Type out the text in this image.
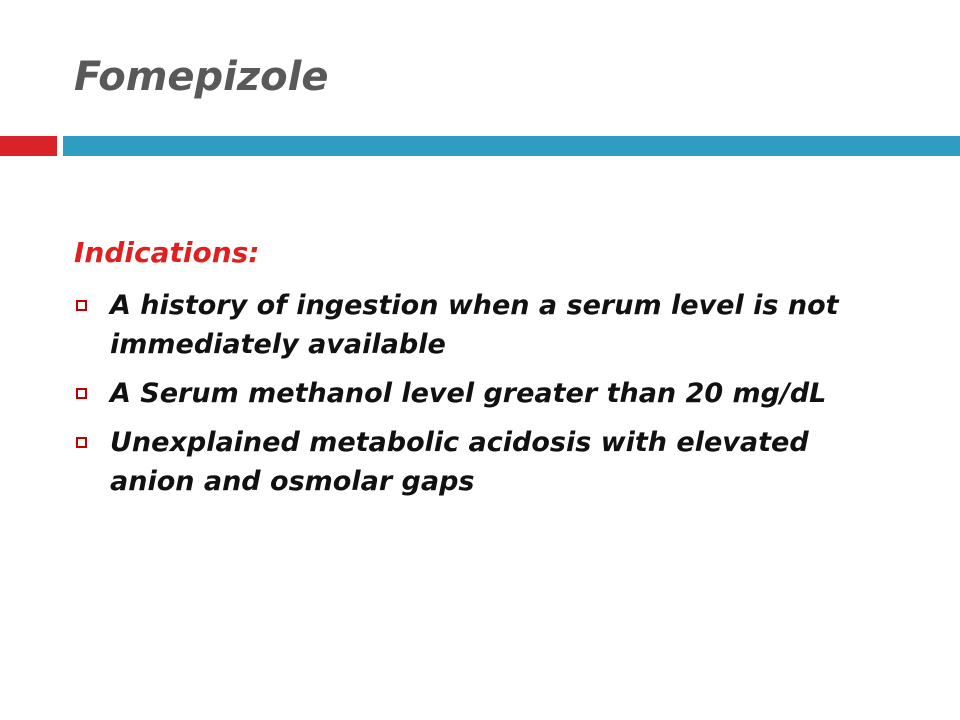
Fomepizole
Indications:
A history of ingestion when a serum level is not immediately available
A Serum methanol level greater than 20 mg/dL
Unexplained metabolic acidosis with elevated anion and osmolar gaps
